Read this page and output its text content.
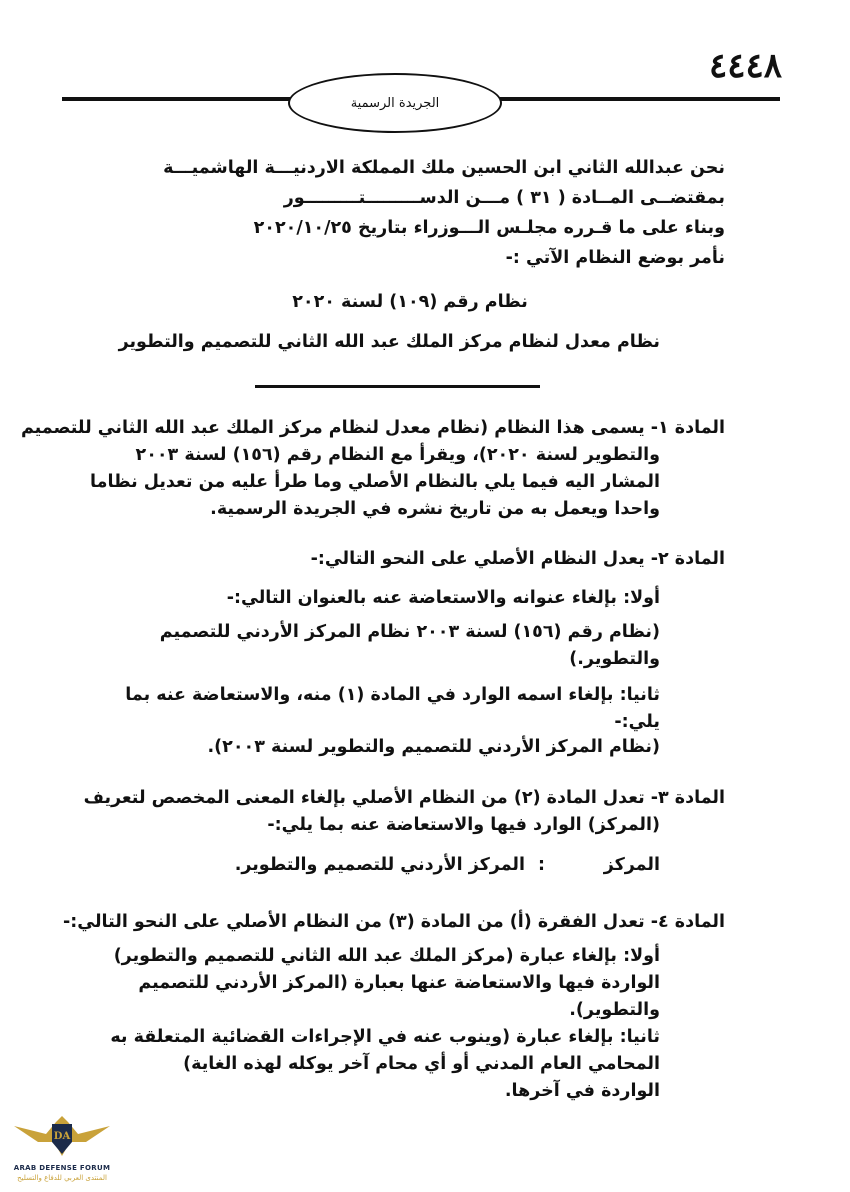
٤٤٤٨
الجريدة الرسمية
نحن عبدالله الثاني ابن الحسين ملك المملكة الاردنيـــة الهاشميـــة
بمقتضــى المــادة ( ٣١ ) مـــن الدســـــــــتـــــــــور
وبناء على ما قـرره مجلـس الـــوزراء بتاريخ ٢٠٢٠/١٠/٢٥
نأمر بوضع النظام الآتي :-
نظام رقم (١٠٩) لسنة ٢٠٢٠
نظام معدل لنظام مركز الملك عبد الله الثاني للتصميم والتطوير
المادة ١- يسمى هذا النظام (نظام معدل لنظام مركز الملك عبد الله الثاني للتصميم
والتطوير لسنة ٢٠٢٠)، ويقرأ مع النظام رقم (١٥٦) لسنة ٢٠٠٣
المشار اليه فيما يلي بالنظام الأصلي وما طرأ عليه من تعديل نظاما
واحدا ويعمل به من تاريخ نشره في الجريدة الرسمية.
المادة ٢- يعدل النظام الأصلي على النحو التالي:-
أولا: بإلغاء عنوانه والاستعاضة عنه بالعنوان التالي:-
(نظام رقم (١٥٦) لسنة ٢٠٠٣ نظام المركز الأردني للتصميم
والتطوير.)
ثانيا: بإلغاء اسمه الوارد في المادة (١) منه، والاستعاضة عنه بما
يلي:-
(نظام المركز الأردني للتصميم والتطوير لسنة ٢٠٠٣).
المادة ٣- تعدل المادة (٢) من النظام الأصلي بإلغاء المعنى المخصص لتعريف
(المركز) الوارد فيها والاستعاضة عنه بما يلي:-
المركز
:
المركز الأردني للتصميم والتطوير.
المادة ٤- تعدل الفقرة (أ) من المادة (٣) من النظام الأصلي على النحو التالي:-
أولا: بإلغاء عبارة (مركز الملك عبد الله الثاني للتصميم والتطوير)
الواردة فيها والاستعاضة عنها بعبارة (المركز الأردني للتصميم
والتطوير).
ثانيا: بإلغاء عبارة (وينوب عنه في الإجراءات القضائية المتعلقة به
المحامي العام المدني أو أي محام آخر يوكله لهذه الغاية)
الواردة في آخرها.
DA
ARAB DEFENSE FORUM
المنتدى العربي للدفاع والتسليح
